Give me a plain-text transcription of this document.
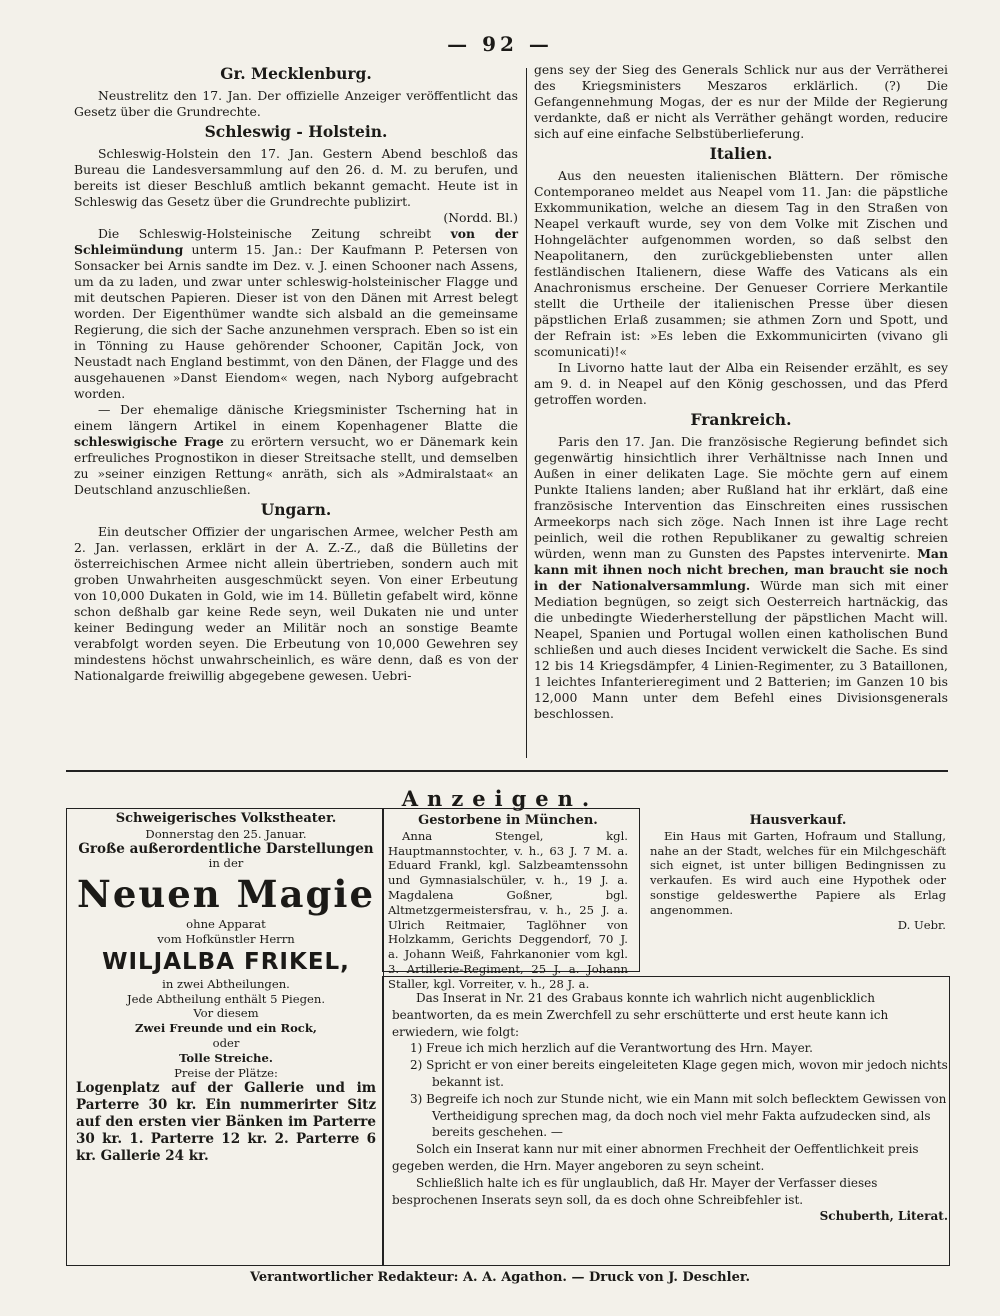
— 92 —
Gr. Mecklenburg.

Neustrelitz den 17. Jan. Der offizielle Anzeiger veröffentlicht das Gesetz über die Grundrechte.

Schleswig - Holstein.

Schleswig-Holstein den 17. Jan. Gestern Abend beschloß das Bureau die Landesversammlung auf den 26. d. M. zu berufen, und bereits ist dieser Beschluß amtlich bekannt gemacht. Heute ist in Schleswig das Gesetz über die Grundrechte publizirt.

(Nordd. Bl.)

Die Schleswig-Holsteinische Zeitung schreibt von der Schleimündung unterm 15. Jan.: Der Kaufmann P. Petersen von Sonsacker bei Arnis sandte im Dez. v. J. einen Schooner nach Assens, um da zu laden, und zwar unter schleswig-holsteinischer Flagge und mit deutschen Papieren. Dieser ist von den Dänen mit Arrest belegt worden. Der Eigenthümer wandte sich alsbald an die gemeinsame Regierung, die sich der Sache anzunehmen versprach. Eben so ist ein in Tönning zu Hause gehörender Schooner, Capitän Jock, von Neustadt nach England bestimmt, von den Dänen, der Flagge und des ausgehauenen »Danst Eiendom« wegen, nach Nyborg aufgebracht worden.

— Der ehemalige dänische Kriegsminister Tscherning hat in einem längern Artikel in einem Kopenhagener Blatte die schleswigische Frage zu erörtern versucht, wo er Dänemark kein erfreuliches Prognostikon in dieser Streitsache stellt, und demselben zu »seiner einzigen Rettung« anräth, sich als »Admiralstaat« an Deutschland anzuschließen.

Ungarn.

Ein deutscher Offizier der ungarischen Armee, welcher Pesth am 2. Jan. verlassen, erklärt in der A. Z.-Z., daß die Bülletins der österreichischen Armee nicht allein übertrieben, sondern auch mit groben Unwahrheiten ausgeschmückt seyen. Von einer Erbeutung von 10,000 Dukaten in Gold, wie im 14. Bülletin gefabelt wird, könne schon deßhalb gar keine Rede seyn, weil Dukaten nie und unter keiner Bedingung weder an Militär noch an sonstige Beamte verabfolgt worden seyen. Die Erbeutung von 10,000 Gewehren sey mindestens höchst unwahrscheinlich, es wäre denn, daß es von der Nationalgarde freiwillig abgegebene gewesen. Uebri-

gens sey der Sieg des Generals Schlick nur aus der Verrätherei des Kriegsministers Meszaros erklärlich. (?) Die Gefangennehmung Mogas, der es nur der Milde der Regierung verdankte, daß er nicht als Verräther gehängt worden, reducire sich auf eine einfache Selbstüberlieferung.

Italien.

Aus den neuesten italienischen Blättern. Der römische Contemporaneo meldet aus Neapel vom 11. Jan: die päpstliche Exkommunikation, welche an diesem Tag in den Straßen von Neapel verkauft wurde, sey von dem Volke mit Zischen und Hohngelächter aufgenommen worden, so daß selbst den Neapolitanern, den zurückgebliebensten unter allen festländischen Italienern, diese Waffe des Vaticans als ein Anachronismus erscheine. Der Genueser Corriere Merkantile stellt die Urtheile der italienischen Presse über diesen päpstlichen Erlaß zusammen; sie athmen Zorn und Spott, und der Refrain ist: »Es leben die Exkommunicirten (vivano gli scomunicati)!«

In Livorno hatte laut der Alba ein Reisender erzählt, es sey am 9. d. in Neapel auf den König geschossen, und das Pferd getroffen worden.

Frankreich.

Paris den 17. Jan. Die französische Regierung befindet sich gegenwärtig hinsichtlich ihrer Verhältnisse nach Innen und Außen in einer delikaten Lage. Sie möchte gern auf einem Punkte Italiens landen; aber Rußland hat ihr erklärt, daß eine französische Intervention das Einschreiten eines russischen Armeekorps nach sich zöge. Nach Innen ist ihre Lage recht peinlich, weil die rothen Republikaner zu gewaltig schreien würden, wenn man zu Gunsten des Papstes intervenirte. Man kann mit ihnen noch nicht brechen, man braucht sie noch in der Nationalversammlung. Würde man sich mit einer Mediation begnügen, so zeigt sich Oesterreich hartnäckig, das die unbedingte Wiederherstellung der päpstlichen Macht will. Neapel, Spanien und Portugal wollen einen katholischen Bund schließen und auch dieses Incident verwickelt die Sache. Es sind 12 bis 14 Kriegsdämpfer, 4 Linien-Regimenter, zu 3 Bataillonen, 1 leichtes Infanterieregiment und 2 Batterien; im Ganzen 10 bis 12,000 Mann unter dem Befehl eines Divisionsgenerals beschlossen.

Anzeigen.

Schweigerisches Volkstheater.

Donnerstag den 25. Januar.

Große außerordentliche Darstellungen

in der

Neuen Magie

ohne Apparat

vom Hofkünstler Herrn

WILJALBA FRIKEL,

in zwei Abtheilungen.

Jede Abtheilung enthält 5 Piegen.

Vor diesem

Zwei Freunde und ein Rock,

oder

Tolle Streiche.

Preise der Plätze:

Logenplatz auf der Gallerie und im Parterre 30 kr. Ein nummerirter Sitz auf den ersten vier Bänken im Parterre 30 kr. 1. Parterre 12 kr. 2. Parterre 6 kr. Gallerie 24 kr.

Gestorbene in München.

Anna Stengel, kgl. Hauptmannstochter, v. h., 63 J. 7 M. a. Eduard Frankl, kgl. Salzbeamtenssohn und Gymnasialschüler, v. h., 19 J. a. Magdalena Goßner, bgl. Altmetzgermeistersfrau, v. h., 25 J. a. Ulrich Reitmaier, Taglöhner von Holzkamm, Gerichts Deggendorf, 70 J. a. Johann Weiß, Fahrkanonier vom kgl. 3. Artillerie-Regiment, 25 J. a. Johann Staller, kgl. Vorreiter, v. h., 28 J. a.

Hausverkauf.

Ein Haus mit Garten, Hofraum und Stallung, nahe an der Stadt, welches für ein Milchgeschäft sich eignet, ist unter billigen Bedingnissen zu verkaufen. Es wird auch eine Hypothek oder sonstige geldeswerthe Papiere als Erlag angenommen.

D. Uebr.

Das Inserat in Nr. 21 des Grabaus konnte ich wahrlich nicht augenblicklich beantworten, da es mein Zwerchfell zu sehr erschütterte und erst heute kann ich erwiedern, wie folgt:

1) Freue ich mich herzlich auf die Verantwortung des Hrn. Mayer.

2) Spricht er von einer bereits eingeleiteten Klage gegen mich, wovon mir jedoch nichts bekannt ist.

3) Begreife ich noch zur Stunde nicht, wie ein Mann mit solch beflecktem Gewissen von Vertheidigung sprechen mag, da doch noch viel mehr Fakta aufzudecken sind, als bereits geschehen. —

Solch ein Inserat kann nur mit einer abnormen Frechheit der Oeffentlichkeit preis gegeben werden, die Hrn. Mayer angeboren zu seyn scheint.

Schließlich halte ich es für unglaublich, daß Hr. Mayer der Verfasser dieses besprochenen Inserats seyn soll, da es doch ohne Schreibfehler ist.

Schuberth, Literat.

Verantwortlicher Redakteur: A. A. Agathon. — Druck von J. Deschler.
